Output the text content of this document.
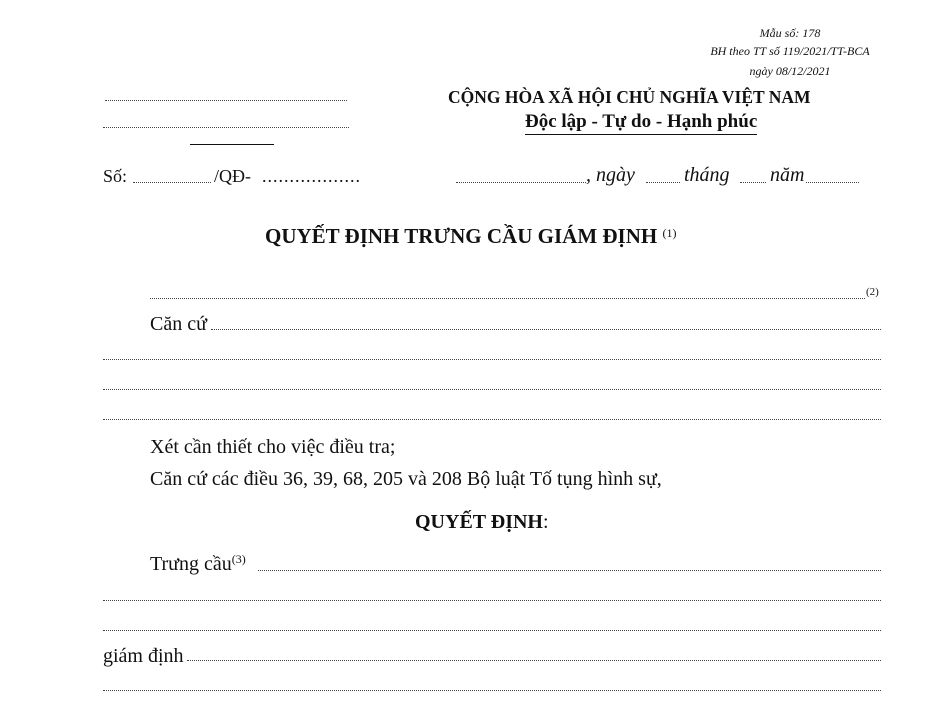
Mẫu số: 178
BH theo TT số 119/2021/TT-BCA
ngày 08/12/2021
CỘNG HÒA XÃ HỘI CHỦ NGHĨA VIỆT NAM
Độc lập - Tự do - Hạnh phúc
Số:	/QĐ- ..................	, ngày tháng năm
QUYẾT ĐỊNH TRƯNG CẦU GIÁM ĐỊNH $^{(1)}$
(2)
Căn cứ
Xét cần thiết cho việc điều tra;
Căn cứ các điều 36, 39, 68, 205 và 208 Bộ luật Tố tụng hình sự,
QUYẾT ĐỊNH:
Trưng cầu$^{(3)}$
giám định
